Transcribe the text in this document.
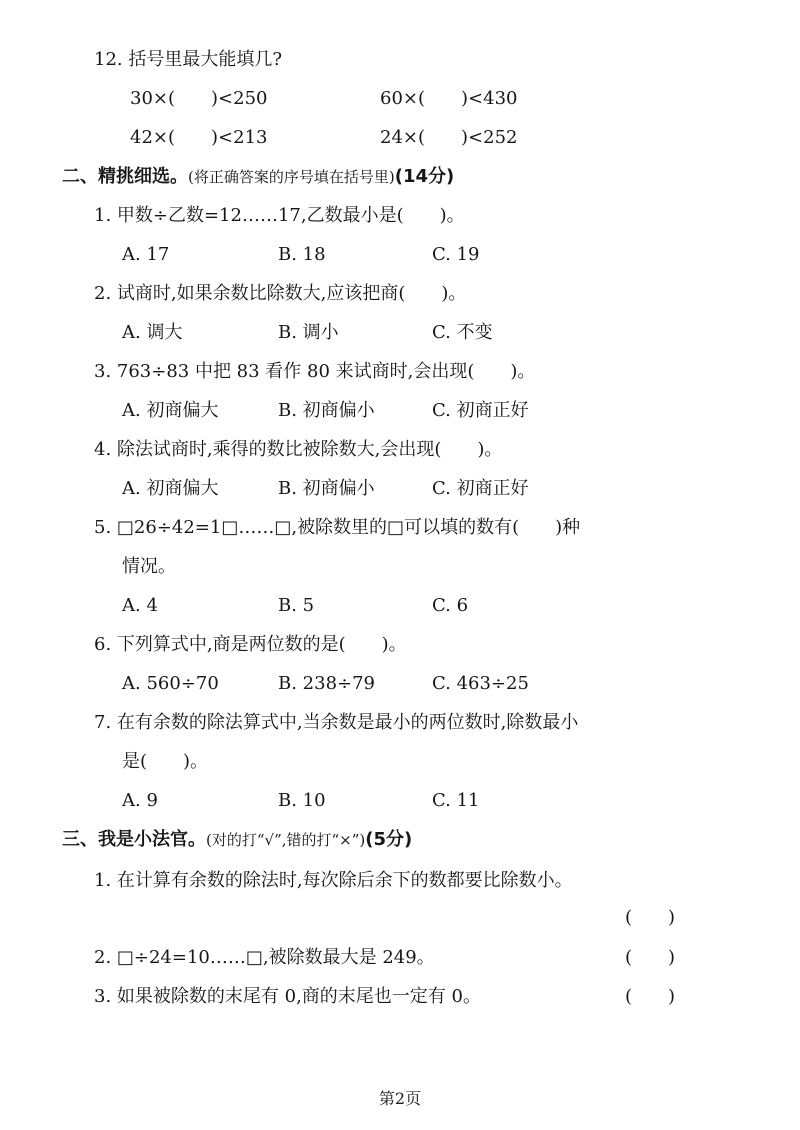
12. 括号里最大能填几?
30×(　　)<250	60×(　　)<430
42×(　　)<213	24×(　　)<252
二、精挑细选。(将正确答案的序号填在括号里)(14分)
1. 甲数÷乙数=12……17,乙数最小是(　　)。
A. 17	B. 18	C. 19
2. 试商时,如果余数比除数大,应该把商(　　)。
A. 调大	B. 调小	C. 不变
3. 763÷83 中把 83 看作 80 来试商时,会出现(　　)。
A. 初商偏大	B. 初商偏小	C. 初商正好
4. 除法试商时,乘得的数比被除数大,会出现(　　)。
A. 初商偏大	B. 初商偏小	C. 初商正好
5. □26÷42=1□……□,被除数里的□可以填的数有(　　)种
情况。
A. 4	B. 5	C. 6
6. 下列算式中,商是两位数的是(　　)。
A. 560÷70	B. 238÷79	C. 463÷25
7. 在有余数的除法算式中,当余数是最小的两位数时,除数最小
是(　　)。
A. 9	B. 10	C. 11
三、我是小法官。(对的打“√”,错的打“×”)(5分)
1. 在计算有余数的除法时,每次除后余下的数都要比除数小。
(　　)
2. □÷24=10……□,被除数最大是 249。	(　　)
3. 如果被除数的末尾有 0,商的末尾也一定有 0。	(　　)
第2页
